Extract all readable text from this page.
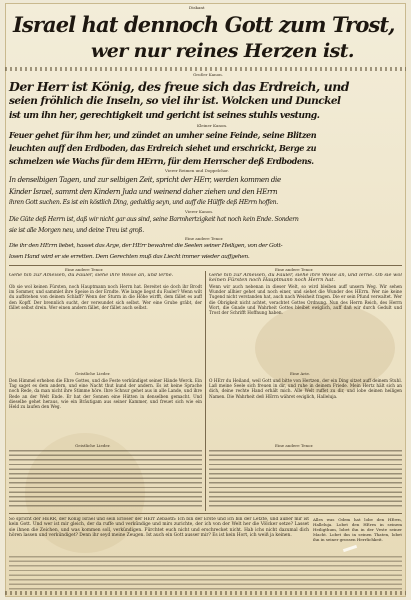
Diskant
Israel hat dennoch Gott zum Trost,
wer nur reines Herzen ist.
Großer Kanon.
Der Herr ist König, des freue sich das Erdreich, und
seien fröhlich die Inseln, so viel ihr ist. Wolcken und Dunckel
ist um ihn her, gerechtigkeit und gericht ist seines stuhls vestung.
Kleiner Kanon.
Feuer gehet für ihm her, und zündet an umher seine Feinde, seine Blitzen
leuchten auff den Erdboden, das Erdreich siehet und erschrickt, Berge zu
schmelzen wie Wachs für dem HErrn, für dem Herrscher deß Erdbodens.
Vierer Reimen und Doppelchor.
In denselbigen Tagen, und zur selbigen Zeit, spricht der HErr, werden kommen die
Kinder Israel, sammt den Kindern Juda und weinend daher ziehen und den HErrn
ihren Gott suchen. Es ist ein köstlich Ding, geduldig seyn, und auff die Hülffe deß HErrn hoffen.
Vierer Kanon.
Die Güte deß Herrn ist, daß wir nicht gar aus sind, seine Barmhertzigkeit hat noch kein Ende. Sondern
sie ist alle Morgen neu, und deine Treu ist groß.
Eine andere Tenor.
Die ihr den HErrn liebet, hasset das Arge, der HErr bewahret die Seelen seiner Heiligen, von der Gott-
losen Hand wird er sie erretten. Dem Gerechten muß das Liecht immer wieder auffgehen.
Eine andere Tenor.	Eine andere Tenor.
Gehe hin zur Ameisen, du Fauler, siehe ihre Weise an, und lerne.	Gehe hin zur Ameisen, du Fauler, siehe ihre Weise an, und lerne. Ob sie wol keinen Fürsten noch Hauptmann noch Herrn hat.
Ob sie wol keinen Fürsten, noch Hauptmann noch Herrn hat. Bereitet sie doch ihr Brodt im Sommer, und sammlet ihre Speise in der Erndte. Wie lange liegst du Fauler? Wenn wilt du auffstehen von deinem Schlaff? Wenn der Sturm in die Höhe wirfft, dem fället es auff den Kopff. Der brennlich sucht, der verwundet sich selbst. Wer eine Grube gräbt, der fället selbst drein. Wer einen andern fället, der fället auch selbst.
Wenn wir auch nebenan in dieser Welt, so wird bleiben auff unsern Weg. Wir sehen Wunder allhier gehet und noch einer, und siehet die Wunder des HErrn. Wer nie keine Tugend nicht verstanden hat, auch nach Weisheit fragen. Die er sein Pfund verwaltet. Wer die Obrigkeit nicht achtet, verachtet Gottes Ordnung. Nun des Herrn Reich, des Herrn Wort, die Gnade und Wahrheit Gottes bleibet ewiglich, auff daß wir durch Gedult und Trost der Schrifft Hoffnung haben.
Geistliche Lieder.	Eine Arie.
Den Himmel erheben die Ehre Gottes, und die Feste verkündiget seiner Hände Werck. Ein Tag saget es dem andern, und eine Nacht thut kund der andern. Es ist keine Sprache noch Rede, da man nicht ihre Stimme höre. Ihre Schnur gehet aus in alle Lande, und ihre Rede an der Welt Ende. Er hat der Sonnen eine Hütten in denselben gemacht. Und dieselbe gehet heraus, wie ein Bräutigam aus seiner Kammer, und freuet sich wie ein Held zu laufen den Weg.
O HErr du Heiland, weil Gott und bitte von Hertzen, der ein Ding sitzet auff deinem Stuhl. Laß meine Seele sich freuen in dir, und ruhe in deinem Friede. Mein Hertz hält sich an dich, deine rechte Hand erhält mich. Alle Welt ruffet zu dir, und lobe deinen heiligen Namen. Die Wahrheit deß HErrn währet ewiglich, Halleluja.
Geistliche Lieder.	Eine andere Tenor.
So spricht der HERR, der König Israel und sein Erlöser der HErr Zebaoth: Ich bin der Erste und ich bin der Letzte, und außer mir ist kein Gott. Und wer ist mir gleich, der da ruffe und verkündige und mirs zurichte, der ich von der Welt her die Völcker setze? Lasset sie ihnen die Zeichen, und was kommen soll, verkündigen. Fürchtet euch nicht und erschrecket nicht. Hab ichs nicht dazumal dich hören lassen und verkündiget? Denn ihr seyd meine Zeugen. Ist auch ein Gott ausser mir? Es ist kein Hort, ich weiß ja keinen.
Alles was Odem hat lobe den HErrn, Halleluja. Lobet den HErrn in seinem Heiligthum, lobet ihn in der Veste seiner Macht. Lobet ihn in seinen Thaten, lobet ihn in seiner grossen Herrlichkeit.
